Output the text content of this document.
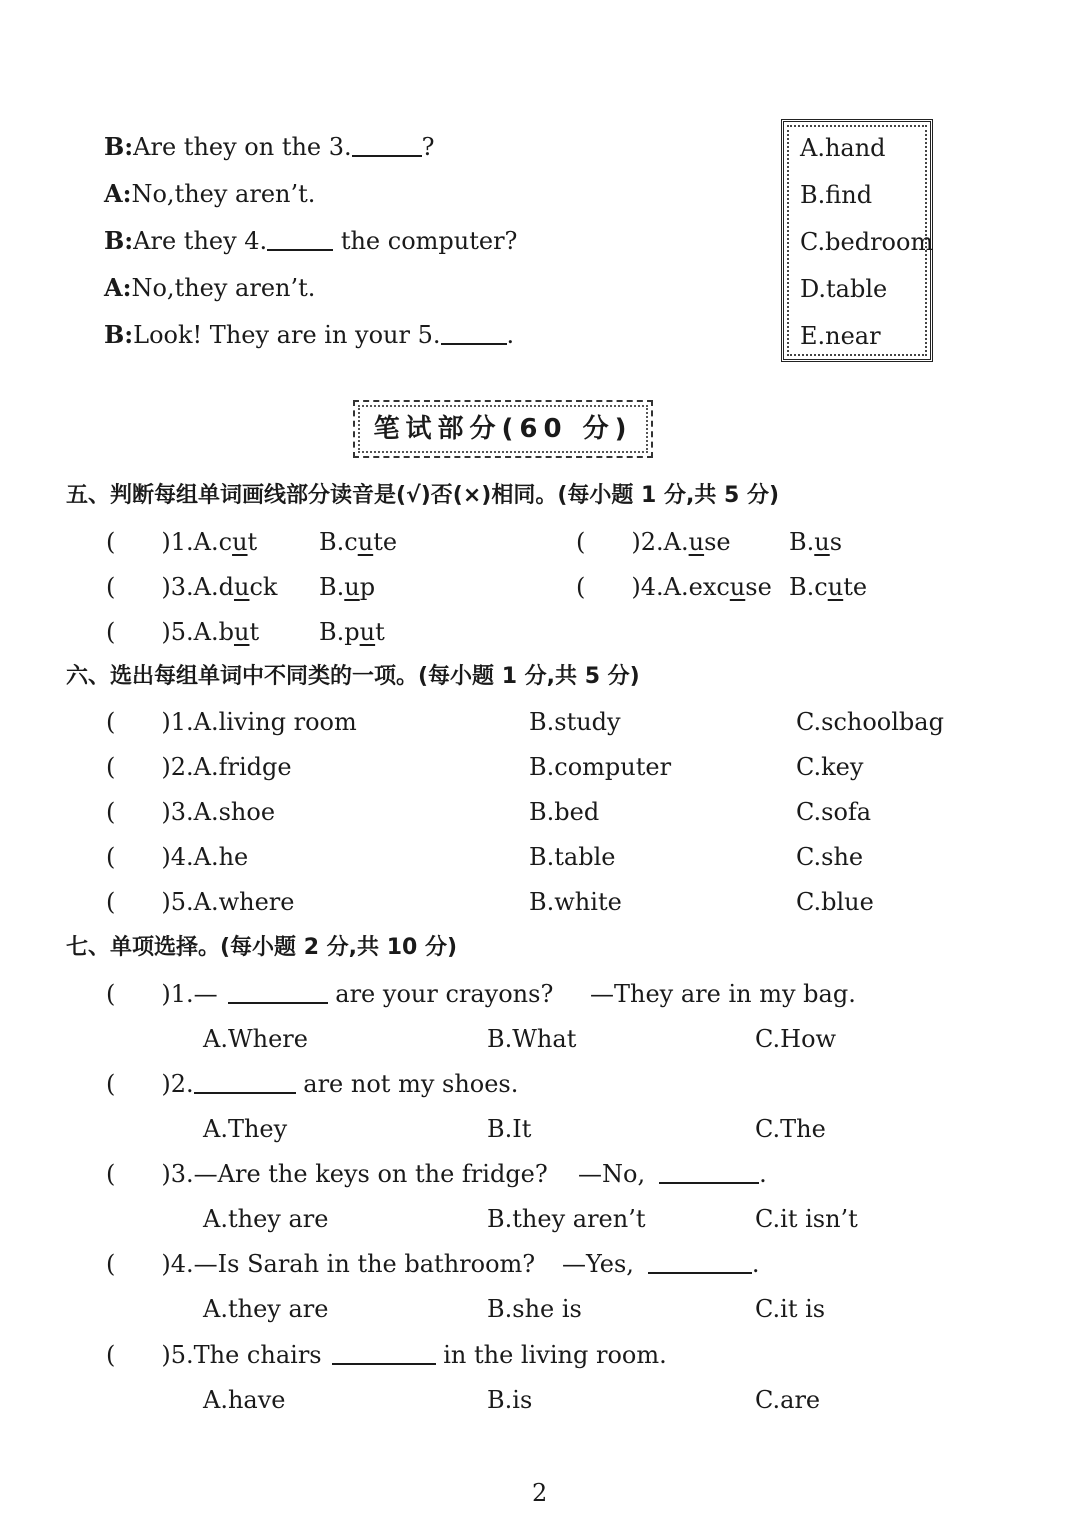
B:Are they on the 3.	?
A:No,they aren’t.
B:Are they 4.	the computer?
A:No,they aren’t.
B:Look! They are in your 5.	.
A.hand
B.find
C.bedroom
D.table
E.near
笔试部分(60 分)
五、判断每组单词画线部分读音是(√)否(×)相同。(每小题 1 分,共 5 分)
( )1.A.cut	B.cute	( )2.A.use B.us
( )3.A.duck B.up	( )4.A.excuse B.cute
( )5.A.but B.put
六、选出每组单词中不同类的一项。(每小题 1 分,共 5 分)
( )1.A.living room	B.study	C.schoolbag
( )2.A.fridge	B.computer	C.key
( )3.A.shoe	B.bed	C.sofa
( )4.A.he	B.table	C.she
( )5.A.where	B.white	C.blue
七、单项选择。(每小题 2 分,共 10 分)
( )1.—	are your crayons? —They are in my bag.
A.Where	B.What	C.How
( )2.	are not my shoes.
A.They	B.It	C.The
( )3.—Are the keys on the fridge? —No,	.
A.they are	B.they aren’t	C.it isn’t
( )4.—Is Sarah in the bathroom? —Yes,	.
A.they are	B.she is	C.it is
( )5.The chairs	in the living room.
A.have	B.is	C.are
2
